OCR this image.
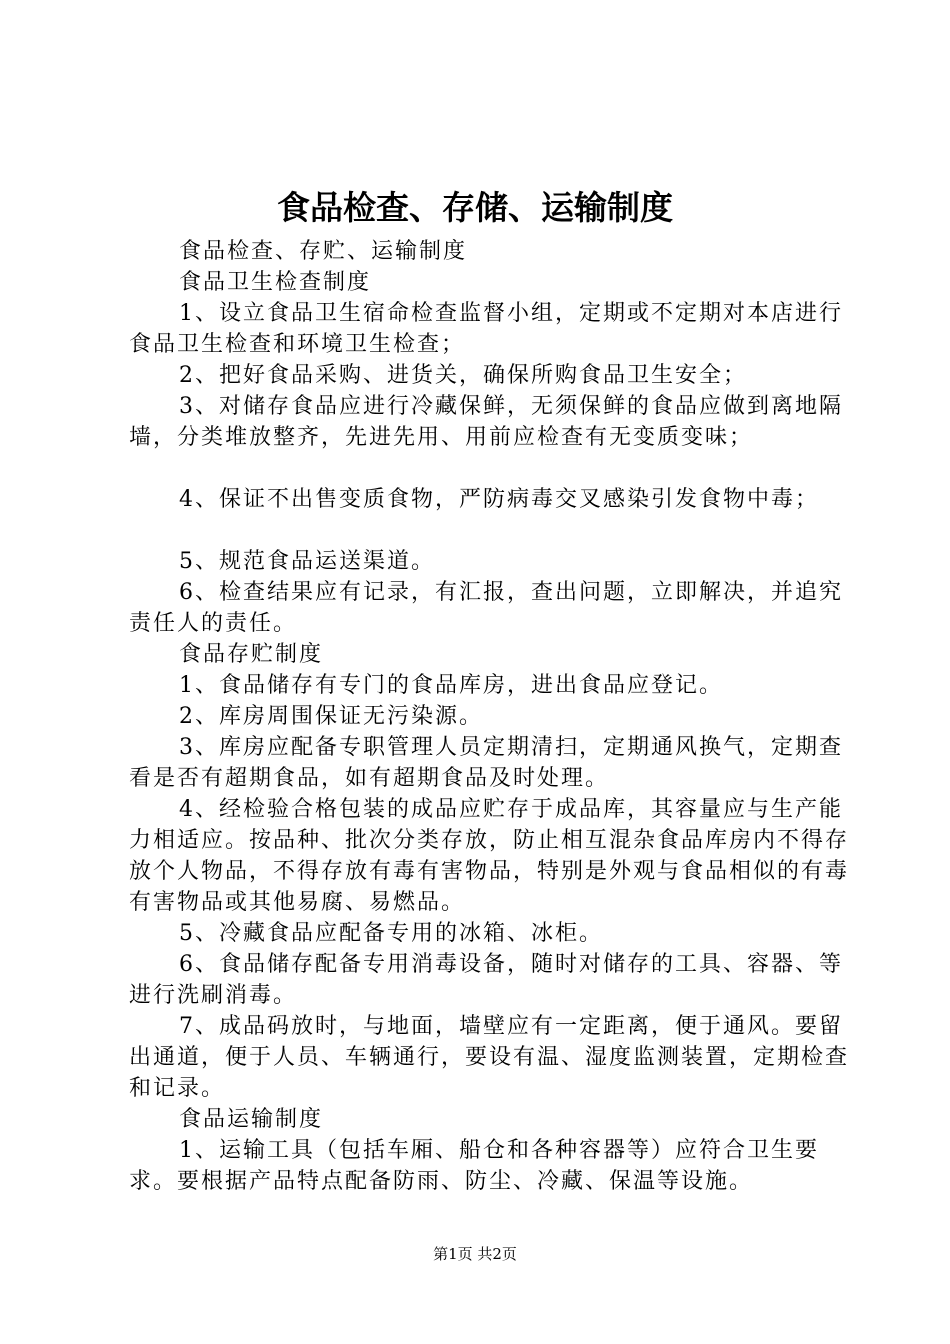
食品检查、存储、运输制度

食品检查、存贮、运输制度

食品卫生检查制度

1、设立食品卫生宿命检查监督小组，定期或不定期对本店进行食品卫生检查和环境卫生检查；

2、把好食品采购、进货关，确保所购食品卫生安全；

3、对储存食品应进行冷藏保鲜，无须保鲜的食品应做到离地隔墙，分类堆放整齐，先进先用、用前应检查有无变质变味；

4、保证不出售变质食物，严防病毒交叉感染引发食物中毒；

5、规范食品运送渠道。

6、检查结果应有记录，有汇报，查出问题，立即解决，并追究责任人的责任。

食品存贮制度

1、食品储存有专门的食品库房，进出食品应登记。

2、库房周围保证无污染源。

3、库房应配备专职管理人员定期清扫，定期通风换气，定期查看是否有超期食品，如有超期食品及时处理。

4、经检验合格包装的成品应贮存于成品库，其容量应与生产能力相适应。按品种、批次分类存放，防止相互混杂食品库房内不得存放个人物品，不得存放有毒有害物品，特别是外观与食品相似的有毒有害物品或其他易腐、易燃品。

5、冷藏食品应配备专用的冰箱、冰柜。

6、食品储存配备专用消毒设备，随时对储存的工具、容器、等进行洗刷消毒。

7、成品码放时，与地面，墙壁应有一定距离，便于通风。要留出通道，便于人员、车辆通行，要设有温、湿度监测装置，定期检查和记录。

食品运输制度

1、运输工具（包括车厢、船仓和各种容器等）应符合卫生要求。要根据产品特点配备防雨、防尘、冷藏、保温等设施。

第1页 共2页
